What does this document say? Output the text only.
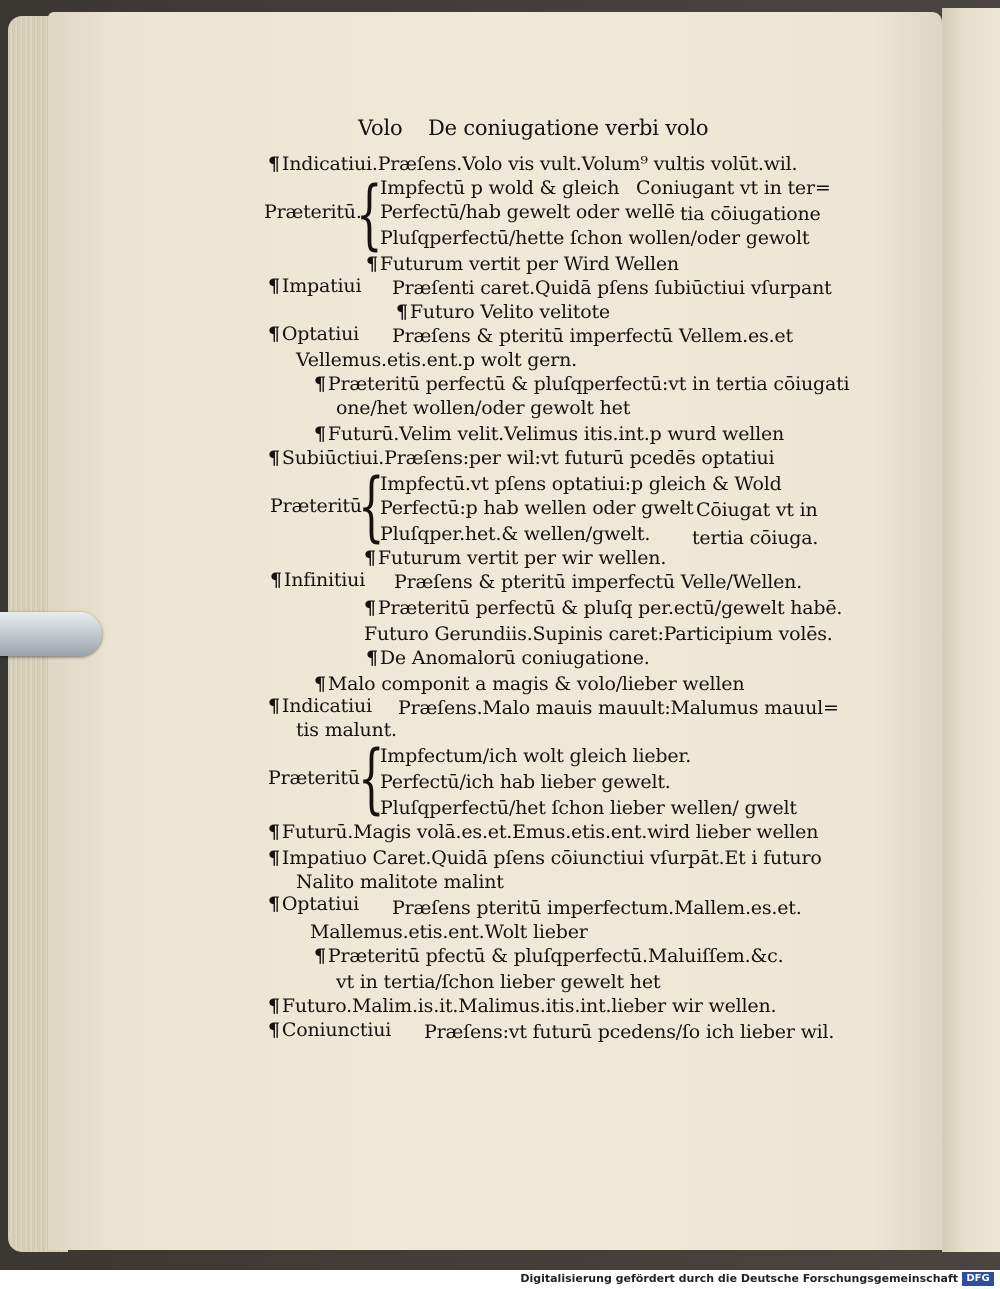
Volo De coniugatione verbi volo
¶ Indicatiui.Præſens.Volo vis vult.Volum⁹ vultis volūt.wil.
{
Impfectū p wold & gleich Coniugant vt in ter=
Præteritū. Perfectū/hab gewelt oder wellē tia cōiugatione
Pluſqperfectū/hette ſchon wollen/oder gewolt
¶ Futurum vertit per Wird Wellen
¶ Impatiui Præſenti caret.Quidā pſens ſubiūctiui vſurpant
¶ Futuro Velito velitote
¶ Optatiui Præſens & pteritū imperfectū Vellem.es.et
Vellemus.etis.ent.p wolt gern.
¶ Præteritū perfectū & pluſqperfectū:vt in tertia cōiugati
one/het wollen/oder gewolt het
¶ Futurū.Velim velit.Velimus itis.int.p wurd wellen
¶ Subiūctiui.Præſens:per wil:vt futurū pcedēs optatiui
{
Impfectū.vt pſens optatiui:p gleich & Wold
Præteritū Perfectū:p hab wellen oder gwelt Cōiugat vt in
Pluſqper.het.& wellen/gwelt. tertia cōiuga.
¶ Futurum vertit per wir wellen.
¶ Infinitiui Præſens & pteritū imperfectū Velle/Wellen.
¶ Præteritū perfectū & pluſq per.ectū/gewelt habē.
Futuro Gerundiis.Supinis caret:Participium volēs.
¶ De Anomalorū coniugatione.
¶ Malo componit a magis & volo/lieber wellen
¶ Indicatiui Præſens.Malo mauis mauult:Malumus mauul=
tis malunt.
{
Impfectum/ich wolt gleich lieber.
Præteritū Perfectū/ich hab lieber gewelt.
Pluſqperfectū/het ſchon lieber wellen/ gwelt
¶ Futurū.Magis volā.es.et.Emus.etis.ent.wird lieber wellen
¶ Impatiuo Caret.Quidā pſens cōiunctiui vſurpāt.Et i futuro
Nalito malitote malint
¶ Optatiui Præſens pteritū imperfectum.Mallem.es.et.
Mallemus.etis.ent.Wolt lieber
¶ Præteritū pfectū & pluſqperfectū.Maluiſſem.&c.
vt in tertia/ſchon lieber gewelt het
¶ Futuro.Malim.is.it.Malimus.itis.int.lieber wir wellen.
¶ Coniunctiui Præſens:vt futurū pcedens/ſo ich lieber wil.
Digitalisierung gefördert durch die Deutsche Forschungsgemeinschaft DFG
